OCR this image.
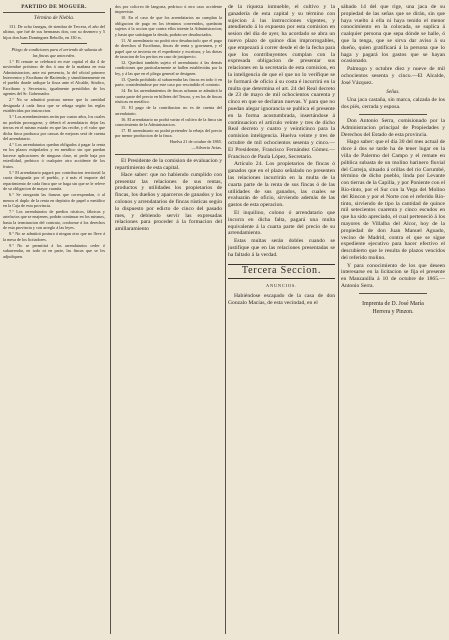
PARTIDO DE MOGUER.
Término de Niebla.

131. De ocho fanegas, de siembra de Tercera, el año del ultimo, que fué de sus hermanas don, con su dezmero y 5 hijos don Juan Domínguez Rebollo, en 130 rs.

Pliego de condiciones para el arriendo de subasta de las fincas que anteceden.

1.° El remate se celebrará en este capital el día 4 de noviembre próximo de dos á una de la mañana en esta Administracion, ante mi presencia, la del oficial primero Interventor y Escribano de Hacienda; y simultáneamente en el pueblo donde radique la finca ante el Alcalde, Síndico, Escribano y Secretario, igualmente presididos de los agentes del Sr. Gobernador.

2.° No se admitirá postura menor que la cantidad designada á cada finca que se rehaga según las reglas establecidas por instruccion.

3.° Los arrendamientos serán por cuatro años, los cuales no podrán prorrogarse, y deberá el arrendatario dejar las tierras en el mismo estado en que las recibe, y el valor que dicha finca produzca por causas de mejoras será de cuenta del arrendatario.

4.° Los arrendatarios quedan obligados á pagar la renta en los plazos estipulados y en metálico sin que puedan hacerse aplicaciones de ninguna clase, ni pedir baja por esterilidad, pedrisco ó cualquier otro accidente de los frutos.

5.° El arrendatario pagará por contribucion territorial la cuota designada por el pueblo, y á más el importe del repartimiento de cada finca que se haga sin que se le releve de su obligacion de mayor cuantía.

6.° Se otorgarán las fianzas que correspondan, ó al menos el duplo de la renta en depósito de papel o metálico en la Caja de esta provincia.

7.° Los arrendatarios de predios rústicos, fábricas y artefactos que se enajenen, podrán continuar en los mismos, hasta la terminacion del contrato, conforme á los derechos de esta provincia y con arreglo á las leyes.

8.° No se admitirá postura á ningun otro que no lleve á la mesa de los licitadores.

9.° No se permitirá á los arrendatarios ceder ó subarrendar, en todo ni en parte, las fincas que se les adjudiquen.

dos por colicreo de langosta, pedrisco ú otro caso accidente imprevisto.

10. En el caso de que los arrendatarios no cumplan la obligacion de pago en los términos convenidos, quedarán sujetos á la accion que contra ellos intente la Administracion; y hasta que satisfagan la deuda, podrán ser desahuciados.

11. Al arrendatario no podrá otro desahuciarlo que el pago de derechos al Escribano, fincas de renta y gravamen, y el papel que se invierta en el expediente y escritura; y las dietas de tasacion de los peritos en caso de justiprecio.

12. Quedará también sujeto el arrendatario á las demás condiciones que particularmente se hallen establecidas por la ley, y á las que en el pliego general se designen.

13. Queda prohibido al subarrendar las fincas en todo ó en parte, considerándose por este caso por rescindido el contrato.

14. En los arrendamientos de fincas urbanas se admitirá la cuarta parte del precio en billetes del Tesoro, y en los de fincas rústicas en metálico.

15. El pago de la contribucion no es de cuenta del arrendatario.

16. El arrendatario no podrá variar el cultivo de la finca sin conocimiento de la Administracion.

17. El arrendatario no podrá pretender la rebaja del precio por menor produccion de la finca.

Huelva 21 de octubre de 1865.

—Silverio Arias.

El Presidente de la comision de evaluacion y repartimiento de esta capital.

Hace saber: que no habiendo cumplido con presentar las relaciones de sus rentas, productos y utilidades los propietarios de fincas, los dueños y aparceros de ganados y los colonos y arrendatarios de fincas rústicas según lo dispuesto por edicto de cinco del pasado mes, y debiendo servir las expresadas relaciones para proceder á la formacion del amillaramiento

de la riqueza inmueble, el cultivo y la ganadería de esta capital y su término con sujecion á las instrucciones vigentes, y atendiendo á lo expuesto por esta comision en sesion del dia de ayer, ha acordado se abra un nuevo plazo de quince días improrrogables, que empezará á correr desde el de la fecha para que los contribuyentes cumplan con la expresada obligacion de presentar sus relaciones en la secretaría de esta comision, en la inteligencia de que el que no lo verifique se le formará de oficio á su costa é incurrirá en la multa que determina el art. 24 del Real decreto de 23 de mayo de mil ochocientos cuarenta y cinco en que se declaran nuevas. Y para que no puedan alegar ignorancia se publica el presente en la forma acostumbrada, insertándose á continuacion el artículo veinte y tres de dicho Real decreto y cuatro y veinticinco para la comision inteligencia. Huelva veinte y tres de octubre de mil ochocientos sesenta y cinco.—El Presidente, Francisco Fernández Gómez.—Francisco de Paula López, Secretario.

Artículo 24. Los propietarios de fincas ó ganados que en el plazo señalado no presenten las relaciones incurrirán en la multa de la cuarta parte de la renta de sus fincas ó de las utilidades de sus ganados, las cuales se evaluarán de oficio, sirviendo además de las gastos de esta operacion.

El inquilino, colono ó arrendatario que incurra en dicha falta, pagará una multa equivalente á la cuarta parte del precio de su arrendamiento.

Estas multas serán dobles cuando se justifique que en las relaciones presentadas se ha faltado á la verdad.

Tercera Seccion.
ANUNCIOS.

Habiéndose escapado de la casa de don Gonzalo Macías, de esta vecindad, en el

sábado 14 del que rige, una jaca de su propiedad de las señas que se dirán, sin que haya vuelto á ella ni haya tenido el menor conocimiento en la colocada, se suplica á cualquier persona que sepa dónde se halle, ó que la tenga, que se sirva dar aviso á su dueño, quien gratificará á la persona que lo haga y pagará los gastos que se hayan ocasionado.

Palmogo y octubre diez y nueve de mil ochocientos sesenta y cinco.—El Alcalde, José Vázquez.

Señas.

Una jaca castaña, sin marca, calzada de los dos piés, cerrada y esposa.

Don Antonio Serra, comisionado por la Administracion principal de Propiedades y Derechos del Estado de esta provincia.

Hago saber: que el día 30 del mes actual de doce á dos se tarde ha de tener lugar en la villa de Palermo del Campo y el remate en pública subasta de un molino harinero fluvial del Carreja, situado á orillas del río Corumbé, término de dicho pueblo, linda por Levante con tierras de la Capilla, y por Poniente con el Río-tinto, por el Sur con la Vega del Molino del Rincon y por el Norte con el referido Río-tinto, sirviendo de tipo la cantidad de quince mil setecientos cuarenta y cinco escudos en que ha sido apreciado, el cual perteneció á los mayores de Villalba del Alcor, hoy de la propiedad de don Juan Manuel Aguado, vecino de Madrid, contra el que se sigue expediente ejecutivo para hacer efectivo el descubierto que le resulta de plazos vencidos del referido molino.

Y para conocimiento de los que deseen interesarse en la licitacion se fija el presente en Manzanilla á 10 de octubre de 1865.—Antonio Serra.

Imprenta de D. José María
Herrera y Pinzon.
